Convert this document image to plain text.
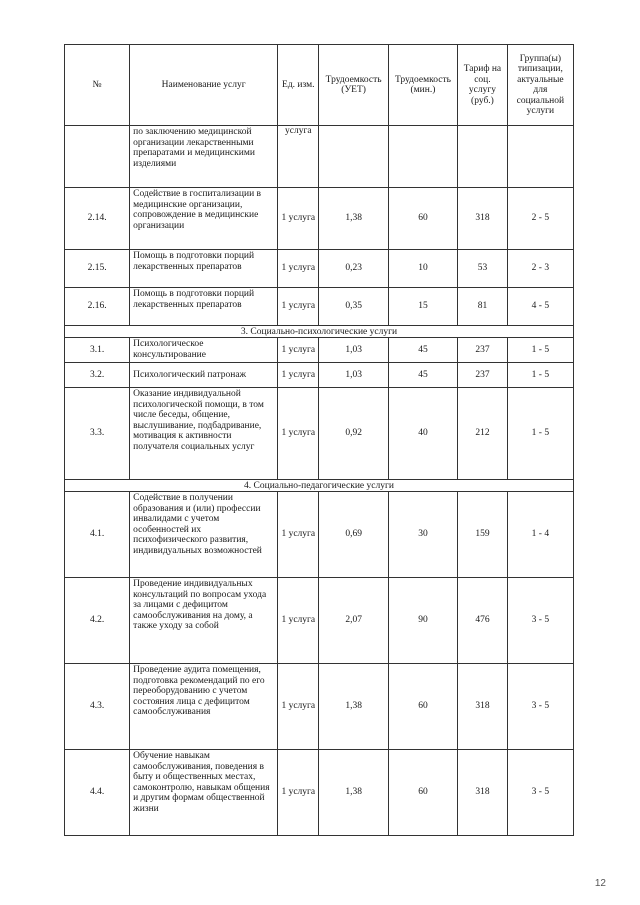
№	Наименование услуг	Ед. изм.	Трудоемкость (УЕТ)	Трудоемкость (мин.)	Тариф на соц. услугу (руб.)	Группа(ы) типизации, актуальные для социальной услуги
	по заключению медицинской организации лекарственными препаратами и медицинскими изделиями	услуга				
2.14.	Содействие в госпитализации в медицинские организации, сопровождение в медицинские организации	1 услуга	1,38	60	318	2 - 5
2.15.	Помощь в подготовки порций лекарственных препаратов	1 услуга	0,23	10	53	2 - 3
2.16.	Помощь в подготовки порций лекарственных препаратов	1 услуга	0,35	15	81	4 - 5
3. Социально-психологические услуги						
3.1.	Психологическое консультирование	1 услуга	1,03	45	237	1 - 5
3.2.	Психологический патронаж	1 услуга	1,03	45	237	1 - 5
3.3.	Оказание индивидуальной психологической помощи, в том числе беседы, общение, выслушивание, подбадривание, мотивация к активности получателя социальных услуг	1 услуга	0,92	40	212	1 - 5
4. Социально-педагогические услуги						
4.1.	Содействие в получении образования и (или) профессии инвалидами с учетом особенностей их психофизического развития, индивидуальных возможностей	1 услуга	0,69	30	159	1 - 4
4.2.	Проведение индивидуальных консультаций по вопросам ухода за лицами с дефицитом самообслуживания на дому, а также уходу за собой	1 услуга	2,07	90	476	3 - 5
4.3.	Проведение аудита помещения, подготовка рекомендаций по его переоборудованию с учетом состояния лица с дефицитом самообслуживания	1 услуга	1,38	60	318	3 - 5
4.4.	Обучение навыкам самообслуживания, поведения в быту и общественных местах, самоконтролю, навыкам общения и другим формам общественной жизни	1 услуга	1,38	60	318	3 - 5
12
